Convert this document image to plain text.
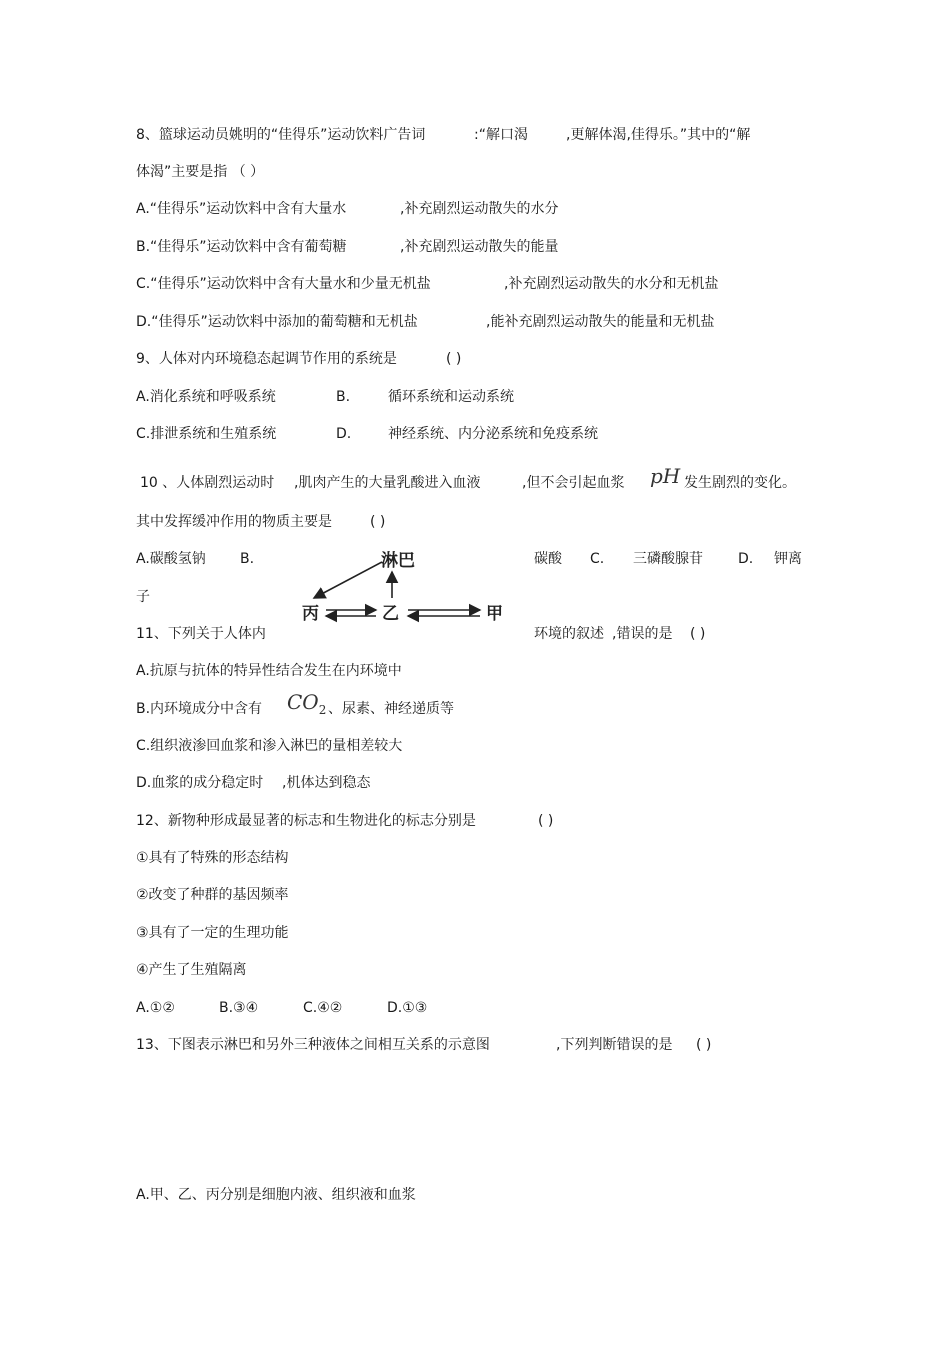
8、篮球运动员姚明的“佳得乐”运动饮料广告词	:“解口渴	,更解体渴,佳得乐。”其中的“解
体渴”主要是指 （ ）
A.“佳得乐”运动饮料中含有大量水	,补充剧烈运动散失的水分
B.“佳得乐”运动饮料中含有葡萄糖	,补充剧烈运动散失的能量
C.“佳得乐”运动饮料中含有大量水和少量无机盐	,补充剧烈运动散失的水分和无机盐
D.“佳得乐”运动饮料中添加的葡萄糖和无机盐	,能补充剧烈运动散失的能量和无机盐
9、人体对内环境稳态起调节作用的系统是	( )
A.消化系统和呼吸系统	B.	循环系统和运动系统
C.排泄系统和生殖系统	D.	神经系统、内分泌系统和免疫系统
10 、人体剧烈运动时 ,肌肉产生的大量乳酸进入血液	,但不会引起血浆 pH 发生剧烈的变化。
其中发挥缓冲作用的物质主要是	( )
A.碳酸氢钠 B.	碳酸 C. 三磷酸腺苷	D. 钾离
子
淋巴
丙	乙	甲
11、下列关于人体内	环境的叙述 ,错误的是 ( )
A.抗原与抗体的特异性结合发生在内环境中
B.内环境成分中含有 $CO_2$ 、尿素、神经递质等
C.组织液渗回血浆和渗入淋巴的量相差较大
D.血浆的成分稳定时 ,机体达到稳态
12、新物种形成最显著的标志和生物进化的标志分别是	( )
①具有了特殊的形态结构
②改变了种群的基因频率
③具有了一定的生理功能
④产生了生殖隔离
A.①②	B.③④	C.④②	D.①③
13、下图表示淋巴和另外三种液体之间相互关系的示意图	,下列判断错误的是 ( )
A.甲、乙、丙分别是细胞内液、组织液和血浆
